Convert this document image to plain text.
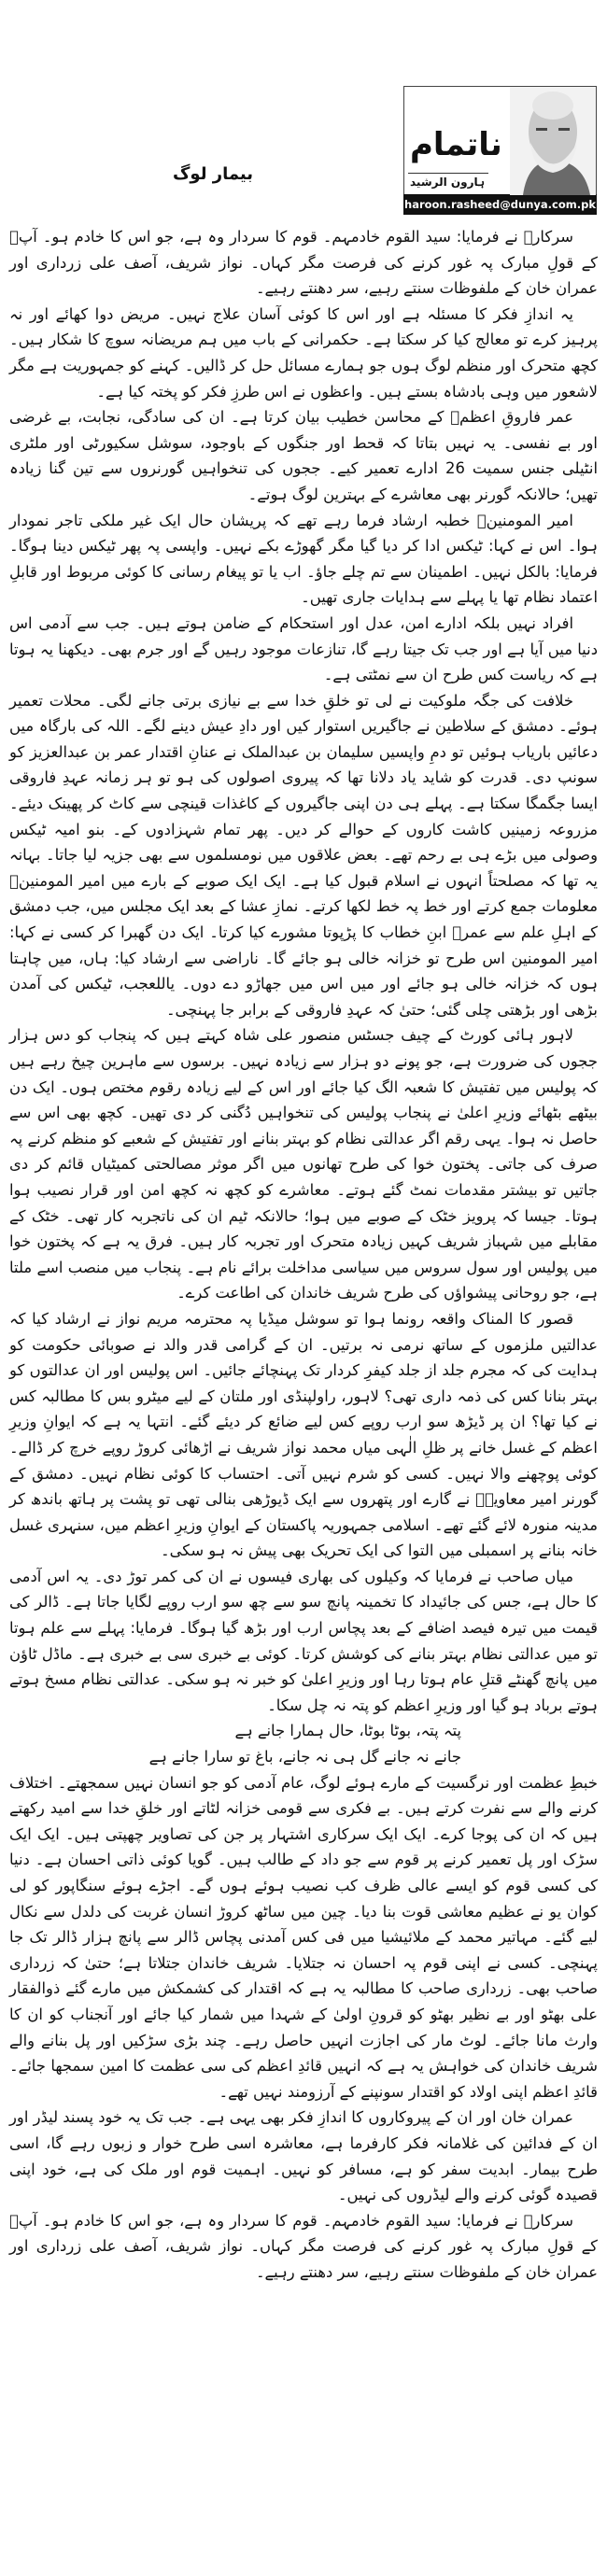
ناتمام
ہارون الرشید
haroon.rasheed@dunya.com.pk
بیمار لوگ

سرکارؐ نے فرمایا: سید القوم خادمہم۔ قوم کا سردار وہ ہے، جو اس کا خادم ہو۔ آپؐ کے قولِ مبارک پہ غور کرنے کی فرصت مگر کہاں۔ نواز شریف، آصف علی زرداری اور عمران خان کے ملفوظات سنتے رہیے، سر دھنتے رہیے۔

یہ اندازِ فکر کا مسئلہ ہے اور اس کا کوئی آسان علاج نہیں۔ مریض دوا کھائے اور نہ پرہیز کرے تو معالج کیا کر سکتا ہے۔ حکمرانی کے باب میں ہم مریضانہ سوچ کا شکار ہیں۔ کچھ متحرک اور منظم لوگ ہوں جو ہمارے مسائل حل کر ڈالیں۔ کہنے کو جمہوریت ہے مگر لاشعور میں وہی بادشاہ بستے ہیں۔ واعظوں نے اس طرزِ فکر کو پختہ کیا ہے۔

عمر فاروقِ اعظمؓ کے محاسن خطیب بیان کرتا ہے۔ ان کی سادگی، نجابت، بے غرضی اور بے نفسی۔ یہ نہیں بتاتا کہ قحط اور جنگوں کے باوجود، سوشل سکیورٹی اور ملٹری انٹیلی جنس سمیت 26 ادارے تعمیر کیے۔ ججوں کی تنخواہیں گورنروں سے تین گنا زیادہ تھیں؛ حالانکہ گورنر بھی معاشرے کے بہترین لوگ ہوتے۔

امیر المومنینؓ خطبہ ارشاد فرما رہے تھے کہ پریشان حال ایک غیر ملکی تاجر نمودار ہوا۔ اس نے کہا: ٹیکس ادا کر دیا گیا مگر گھوڑے بکے نہیں۔ واپسی پہ پھر ٹیکس دینا ہوگا۔ فرمایا: بالکل نہیں۔ اطمینان سے تم چلے جاؤ۔ اب یا تو پیغام رسانی کا کوئی مربوط اور قابلِ اعتماد نظام تھا یا پہلے سے ہدایات جاری تھیں۔

افراد نہیں بلکہ ادارے امن، عدل اور استحکام کے ضامن ہوتے ہیں۔ جب سے آدمی اس دنیا میں آیا ہے اور جب تک جیتا رہے گا، تنازعات موجود رہیں گے اور جرم بھی۔ دیکھنا یہ ہوتا ہے کہ ریاست کس طرح ان سے نمٹتی ہے۔

خلافت کی جگہ ملوکیت نے لی تو خلقِ خدا سے بے نیازی برتی جانے لگی۔ محلات تعمیر ہوئے۔ دمشق کے سلاطین نے جاگیریں استوار کیں اور دادِ عیش دینے لگے۔ اللہ کی بارگاہ میں دعائیں باریاب ہوئیں تو دمِ واپسیں سلیمان بن عبدالملک نے عنانِ اقتدار عمر بن عبدالعزیز کو سونپ دی۔ قدرت کو شاید یاد دلانا تھا کہ پیروی اصولوں کی ہو تو ہر زمانہ عہدِ فاروقی ایسا جگمگا سکتا ہے۔ پہلے ہی دن اپنی جاگیروں کے کاغذات قینچی سے کاٹ کر پھینک دیئے۔ مزروعہ زمینیں کاشت کاروں کے حوالے کر دیں۔ پھر تمام شہزادوں کے۔ بنو امیہ ٹیکس وصولی میں بڑے ہی بے رحم تھے۔ بعض علاقوں میں نومسلموں سے بھی جزیہ لیا جاتا۔ بہانہ یہ تھا کہ مصلحتاً انہوں نے اسلام قبول کیا ہے۔ ایک ایک صوبے کے بارے میں امیر المومنینؒ معلومات جمع کرتے اور خط پہ خط لکھا کرتے۔ نمازِ عشا کے بعد ایک مجلس میں، جب دمشق کے اہلِ علم سے عمرؓ ابنِ خطاب کا پڑپوتا مشورے کیا کرتا۔ ایک دن گھبرا کر کسی نے کہا: امیر المومنین اس طرح تو خزانہ خالی ہو جائے گا۔ ناراضی سے ارشاد کیا: ہاں، میں چاہتا ہوں کہ خزانہ خالی ہو جائے اور میں اس میں جھاڑو دے دوں۔ یاللعجب، ٹیکس کی آمدن بڑھی اور بڑھتی چلی گئی؛ حتیٰ کہ عہدِ فاروقی کے برابر جا پہنچی۔

لاہور ہائی کورٹ کے چیف جسٹس منصور علی شاہ کہتے ہیں کہ پنجاب کو دس ہزار ججوں کی ضرورت ہے، جو پونے دو ہزار سے زیادہ نہیں۔ برسوں سے ماہرین چیخ رہے ہیں کہ پولیس میں تفتیش کا شعبہ الگ کیا جائے اور اس کے لیے زیادہ رقوم مختص ہوں۔ ایک دن بیٹھے بٹھائے وزیرِ اعلیٰ نے پنجاب پولیس کی تنخواہیں دُگنی کر دی تھیں۔ کچھ بھی اس سے حاصل نہ ہوا۔ یہی رقم اگر عدالتی نظام کو بہتر بنانے اور تفتیش کے شعبے کو منظم کرنے پہ صرف کی جاتی۔ پختون خوا کی طرح تھانوں میں اگر موثر مصالحتی کمیٹیاں قائم کر دی جاتیں تو بیشتر مقدمات نمٹ گئے ہوتے۔ معاشرے کو کچھ نہ کچھ امن اور قرار نصیب ہوا ہوتا۔ جیسا کہ پرویز خٹک کے صوبے میں ہوا؛ حالانکہ ٹیم ان کی ناتجربہ کار تھی۔ خٹک کے مقابلے میں شہباز شریف کہیں زیادہ متحرک اور تجربہ کار ہیں۔ فرق یہ ہے کہ پختون خوا میں پولیس اور سول سروس میں سیاسی مداخلت برائے نام ہے۔ پنجاب میں منصب اسے ملتا ہے، جو روحانی پیشواؤں کی طرح شریف خاندان کی اطاعت کرے۔

قصور کا المناک واقعہ رونما ہوا تو سوشل میڈیا پہ محترمہ مریم نواز نے ارشاد کیا کہ عدالتیں ملزموں کے ساتھ نرمی نہ برتیں۔ ان کے گرامی قدر والد نے صوبائی حکومت کو ہدایت کی کہ مجرم جلد از جلد کیفرِ کردار تک پہنچائے جائیں۔ اس پولیس اور ان عدالتوں کو بہتر بنانا کس کی ذمہ داری تھی؟ لاہور، راولپنڈی اور ملتان کے لیے میٹرو بس کا مطالبہ کس نے کیا تھا؟ ان پر ڈیڑھ سو ارب روپے کس لیے ضائع کر دیئے گئے۔ انتہا یہ ہے کہ ایوانِ وزیرِ اعظم کے غسل خانے پر ظلِ الٰہی میاں محمد نواز شریف نے اڑھائی کروڑ روپے خرچ کر ڈالے۔ کوئی پوچھنے والا نہیں۔ کسی کو شرم نہیں آتی۔ احتساب کا کوئی نظام نہیں۔ دمشق کے گورنر امیر معاویہؓ نے گارے اور پتھروں سے ایک ڈیوڑھی بنالی تھی تو پشت پر ہاتھ باندھ کر مدینہ منورہ لائے گئے تھے۔ اسلامی جمہوریہ پاکستان کے ایوانِ وزیرِ اعظم میں، سنہری غسل خانہ بنانے پر اسمبلی میں التوا کی ایک تحریک بھی پیش نہ ہو سکی۔

میاں صاحب نے فرمایا کہ وکیلوں کی بھاری فیسوں نے ان کی کمر توڑ دی۔ یہ اس آدمی کا حال ہے، جس کی جائیداد کا تخمینہ پانچ سو سے چھ سو ارب روپے لگایا جاتا ہے۔ ڈالر کی قیمت میں تیرہ فیصد اضافے کے بعد پچاس ارب اور بڑھ گیا ہوگا۔ فرمایا: پہلے سے علم ہوتا تو میں عدالتی نظام بہتر بنانے کی کوشش کرتا۔ کوئی بے خبری سی بے خبری ہے۔ ماڈل ٹاؤن میں پانچ گھنٹے قتلِ عام ہوتا رہا اور وزیرِ اعلیٰ کو خبر نہ ہو سکی۔ عدالتی نظام مسخ ہوتے ہوتے برباد ہو گیا اور وزیرِ اعظم کو پتہ نہ چل سکا۔

پتہ پتہ، بوٹا بوٹا، حال ہمارا جانے ہے

جانے نہ جانے گل ہی نہ جانے، باغ تو سارا جانے ہے

خبطِ عظمت اور نرگسیت کے مارے ہوئے لوگ، عام آدمی کو جو انسان نہیں سمجھتے۔ اختلاف کرنے والے سے نفرت کرتے ہیں۔ بے فکری سے قومی خزانہ لٹاتے اور خلقِ خدا سے امید رکھتے ہیں کہ ان کی پوجا کرے۔ ایک ایک سرکاری اشتہار پر جن کی تصاویر چھپتی ہیں۔ ایک ایک سڑک اور پل تعمیر کرنے پر قوم سے جو داد کے طالب ہیں۔ گویا کوئی ذاتی احسان ہے۔ دنیا کی کسی قوم کو ایسے عالی ظرف کب نصیب ہوئے ہوں گے۔ اجڑے ہوئے سنگاپور کو لی کوان یو نے عظیم معاشی قوت بنا دیا۔ چین میں ساٹھ کروڑ انسان غربت کی دلدل سے نکال لیے گئے۔ مہاتیر محمد کے ملائیشیا میں فی کس آمدنی پچاس ڈالر سے پانچ ہزار ڈالر تک جا پہنچی۔ کسی نے اپنی قوم پہ احسان نہ جتلایا۔ شریف خاندان جتلاتا ہے؛ حتیٰ کہ زرداری صاحب بھی۔ زرداری صاحب کا مطالبہ یہ ہے کہ اقتدار کی کشمکش میں مارے گئے ذوالفقار علی بھٹو اور بے نظیر بھٹو کو قرونِ اولیٰ کے شہدا میں شمار کیا جائے اور آنجناب کو ان کا وارث مانا جائے۔ لوٹ مار کی اجازت انہیں حاصل رہے۔ چند بڑی سڑکیں اور پل بنانے والے شریف خاندان کی خواہش یہ ہے کہ انہیں قائدِ اعظم کی سی عظمت کا امین سمجھا جائے۔ قائدِ اعظم اپنی اولاد کو اقتدار سونپنے کے آرزومند نہیں تھے۔

عمران خان اور ان کے پیروکاروں کا اندازِ فکر بھی یہی ہے۔ جب تک یہ خود پسند لیڈر اور ان کے فدائین کی غلامانہ فکر کارفرما ہے، معاشرہ اسی طرح خوار و زبوں رہے گا، اسی طرح بیمار۔ ابدیت سفر کو ہے، مسافر کو نہیں۔ اہمیت قوم اور ملک کی ہے، خود اپنی قصیدہ گوئی کرنے والے لیڈروں کی نہیں۔

سرکارؐ نے فرمایا: سید القوم خادمہم۔ قوم کا سردار وہ ہے، جو اس کا خادم ہو۔ آپؐ کے قولِ مبارک پہ غور کرنے کی فرصت مگر کہاں۔ نواز شریف، آصف علی زرداری اور عمران خان کے ملفوظات سنتے رہیے، سر دھنتے رہیے۔
